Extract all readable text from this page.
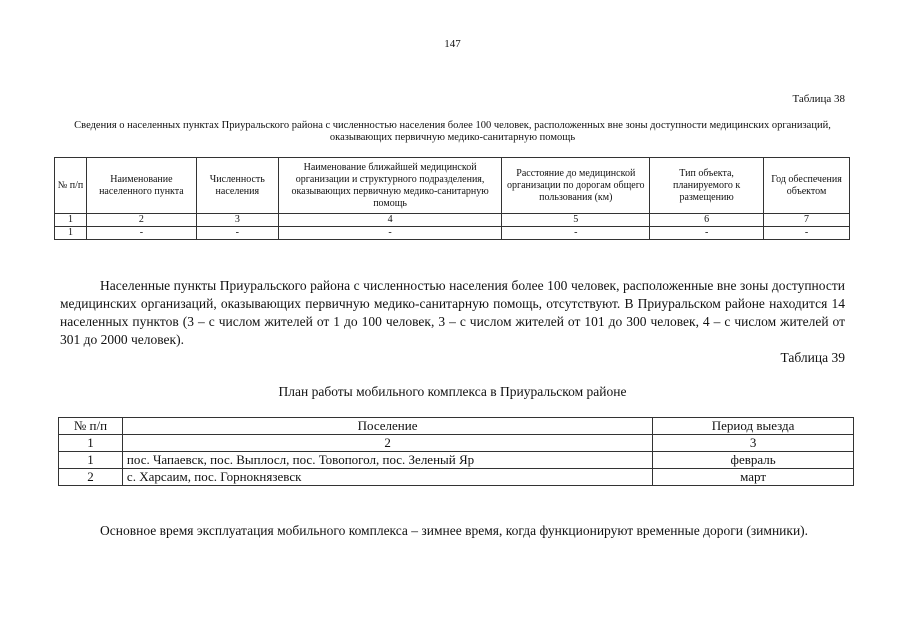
147
Таблица 38
Сведения о населенных пунктах Приуральского района с численностью населения более 100 человек, расположенных вне зоны доступности медицинских организаций, оказывающих первичную медико-санитарную помощь
№ п/п	Наименование населенного пункта	Численность населения	Наименование ближайшей медицинской организации и структурного подразделения, оказывающих первичную медико-санитарную помощь	Расстояние до медицинской организации по дорогам общего пользования (км)	Тип объекта, планируемого к размещению	Год обеспечения объектом
1	2	3	4	5	6	7
1	-	-	-	-	-	-

Населенные пункты Приуральского района с численностью населения более 100 человек, расположенные вне зоны доступности медицинских организаций, оказывающих первичную медико-санитарную помощь, отсутствуют. В Приуральском районе находится 14 населенных пунктов (3 – с числом жителей от 1 до 100 человек, 3 – с числом жителей от 101 до 300 человек, 4 – с числом жителей от 301 до 2000 человек).

Таблица 39
План работы мобильного комплекса в Приуральском районе
№ п/п	Поселение	Период выезда
1	2	3
1	пос. Чапаевск, пос. Выплосл, пос. Товопогол, пос. Зеленый Яр	февраль
2	с. Харсаим, пос. Горнокнязевск	март

Основное время эксплуатация мобильного комплекса – зимнее время, когда функционируют временные дороги (зимники).
